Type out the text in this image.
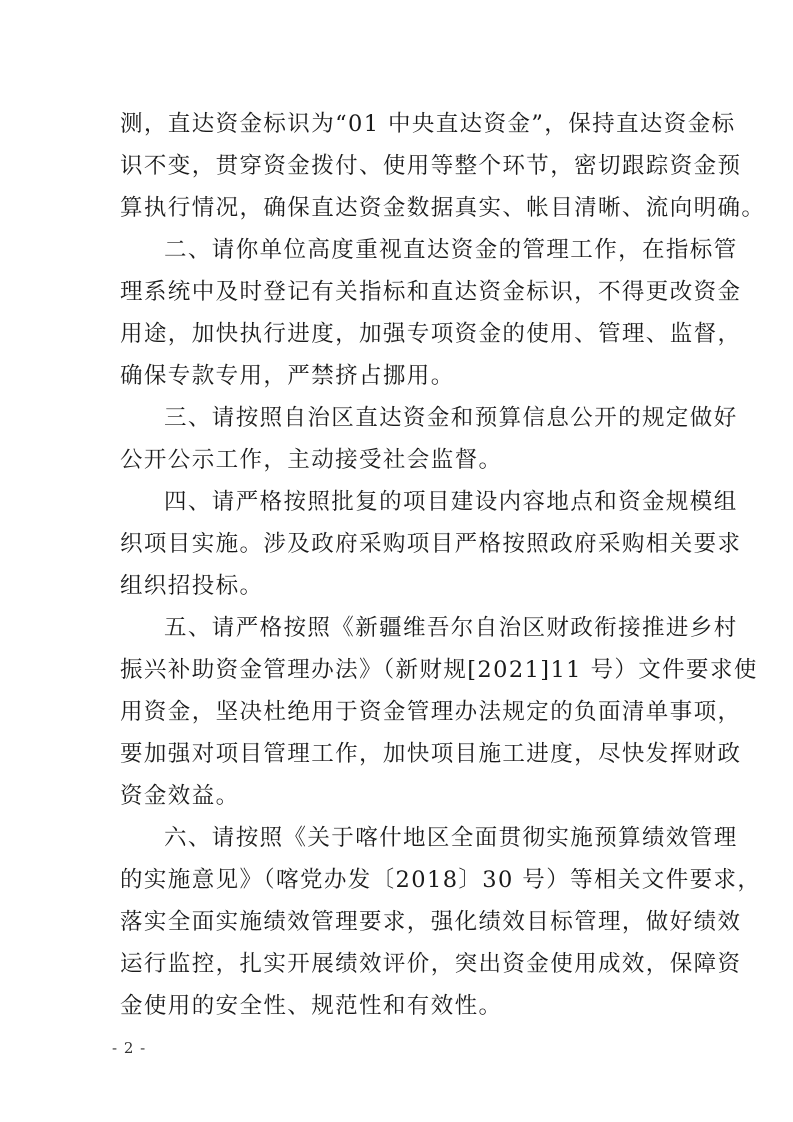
测，直达资金标识为“01 中央直达资金”，保持直达资金标
识不变，贯穿资金拨付、使用等整个环节，密切跟踪资金预
算执行情况，确保直达资金数据真实、帐目清晰、流向明确。
二、请你单位高度重视直达资金的管理工作，在指标管
理系统中及时登记有关指标和直达资金标识，不得更改资金
用途，加快执行进度，加强专项资金的使用、管理、监督，
确保专款专用，严禁挤占挪用。
三、请按照自治区直达资金和预算信息公开的规定做好
公开公示工作，主动接受社会监督。
四、请严格按照批复的项目建设内容地点和资金规模组
织项目实施。涉及政府采购项目严格按照政府采购相关要求
组织招投标。
五、请严格按照《新疆维吾尔自治区财政衔接推进乡村
振兴补助资金管理办法》（新财规[2021]11 号）文件要求使
用资金，坚决杜绝用于资金管理办法规定的负面清单事项，
要加强对项目管理工作，加快项目施工进度，尽快发挥财政
资金效益。
六、请按照《关于喀什地区全面贯彻实施预算绩效管理
的实施意见》（喀党办发〔2018〕30 号）等相关文件要求，
落实全面实施绩效管理要求，强化绩效目标管理，做好绩效
运行监控，扎实开展绩效评价，突出资金使用成效，保障资
金使用的安全性、规范性和有效性。
- 2 -
